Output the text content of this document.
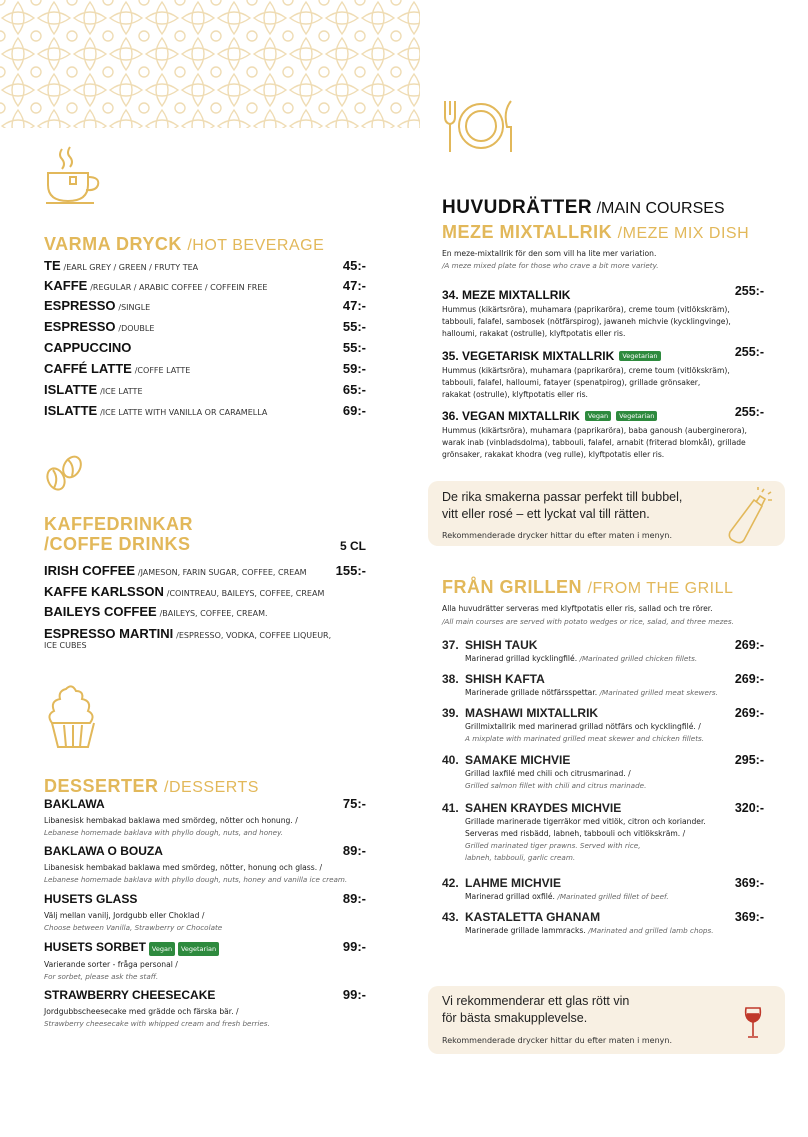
VARMA DRYCK /HOT BEVERAGE
TE /EARL GREY / GREEN / FRUTY TEA	45:-
KAFFE /REGULAR / ARABIC COFFEE / COFFEIN FREE	47:-
ESPRESSO /SINGLE	47:-
ESPRESSO /DOUBLE	55:-
CAPPUCCINO	55:-
CAFFÉ LATTE /COFFE LATTE	59:-
ISLATTE /ICE LATTE	65:-
ISLATTE /ICE LATTE WITH VANILLA OR CARAMELLA	69:-
KAFFEDRINKAR
/COFFE DRINKS	5 CL
IRISH COFFEE /JAMESON, FARIN SUGAR, COFFEE, CREAM 155:-
KAFFE KARLSSON /COINTREAU, BAILEYS, COFFEE, CREAM
BAILEYS COFFEE /BAILEYS, COFFEE, CREAM.
ESPRESSO MARTINI /ESPRESSO, VODKA, COFFEE LIQUEUR,
ICE CUBES
DESSERTER /DESSERTS
BAKLAWA	75:-
Libanesisk hembakad baklawa med smördeg, nötter och honung. /
Lebanese homemade baklava with phyllo dough, nuts, and honey.
BAKLAWA O BOUZA	89:-
Libanesisk hembakad baklawa med smördeg, nötter, honung och glass. /
Lebanese homemade baklava with phyllo dough, nuts, honey and vanilla ice cream.
HUSETS GLASS	89:-
Välj mellan vanilj, Jordgubb eller Choklad /
Choose between Vanilla, Strawberry or Chocolate
HUSETS SORBET Vegan Vegetarian	99:-
Varierande sorter - fråga personal /
For sorbet, please ask the staff.
STRAWBERRY CHEESECAKE	99:-
Jordgubbscheesecake med grädde och färska bär. /
Strawberry cheesecake with whipped cream and fresh berries.
HUVUDRÄTTER /MAIN COURSES
MEZE MIXTALLRIK /MEZE MIX DISH
En meze-mixtallrik för den som vill ha lite mer variation.
/A meze mixed plate for those who crave a bit more variety.
34. MEZE MIXTALLRIK	255:-
Hummus (kikärtsröra), muhamara (paprikaröra), creme toum (vitlökskräm),
tabbouli, falafel, sambosek (nötfärspirog), jawaneh michvie (kycklingvinge),
halloumi, rakakat (ostrulle), klyftpotatis eller ris.
35. VEGETARISK MIXTALLRIK Vegetarian	255:-
Hummus (kikärtsröra), muhamara (paprikaröra), creme toum (vitlökskräm),
tabbouli, falafel, halloumi, fatayer (spenatpirog), grillade grönsaker,
rakakat (ostrulle), klyftpotatis eller ris.
36. VEGAN MIXTALLRIK Vegan Vegetarian	255:-
Hummus (kikärtsröra), muhamara (paprikaröra), baba ganoush (auberginerora),
warak inab (vinbladsdolma), tabbouli, falafel, arnabit (friterad blomkål), grillade
grönsaker, rakakat khodra (veg rulle), klyftpotatis eller ris.
De rika smakerna passar perfekt till bubbel,
vitt eller rosé – ett lyckat val till rätten.
Rekommenderade drycker hittar du efter maten i menyn.
FRÅN GRILLEN /FROM THE GRILL
Alla huvudrätter serveras med klyftpotatis eller ris, sallad och tre rörer.
/All main courses are served with potato wedges or rice, salad, and three mezes.
37. SHISH TAUK	269:-
Marinerad grillad kycklingfilé. /Marinated grilled chicken fillets.
38. SHISH KAFTA	269:-
Marinerade grillade nötfärsspettar. /Marinated grilled meat skewers.
39. MASHAWI MIXTALLRIK	269:-
Grillmixtallrik med marinerad grillad nötfärs och kycklingfilé. /
A mixplate with marinated grilled meat skewer and chicken fillets.
40. SAMAKE MICHVIE	295:-
Grillad laxfilé med chili och citrusmarinad. /
Grilled salmon fillet with chili and citrus marinade.
41. SAHEN KRAYDES MICHVIE	320:-
Grillade marinerade tigerräkor med vitlök, citron och koriander.
Serveras med risbädd, labneh, tabbouli och vitlökskräm. /
Grilled marinated tiger prawns. Served with rice,
labneh, tabbouli, garlic cream.
42. LAHME MICHVIE	369:-
Marinerad grillad oxfilé. /Marinated grilled fillet of beef.
43. KASTALETTA GHANAM	369:-
Marinerade grillade lammracks. /Marinated and grilled lamb chops.
Vi rekommenderar ett glas rött vin
för bästa smakupplevelse.
Rekommenderade drycker hittar du efter maten i menyn.
